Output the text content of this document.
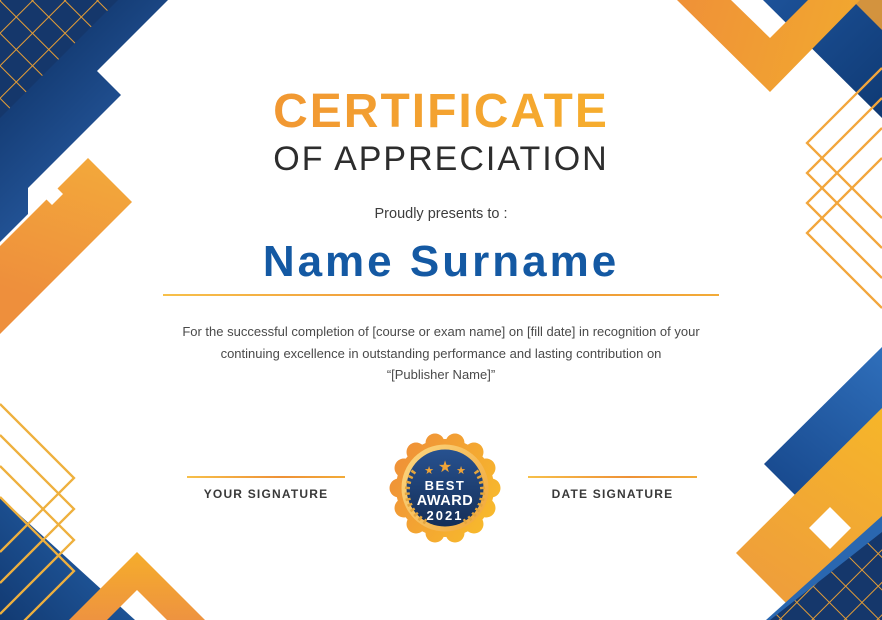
CERTIFICATE
OF APPRECIATION
Proudly presents to :
Name Surname
For the successful completion of [course or exam name] on [fill date] in recognition of your
continuing excellence in outstanding performance and lasting contribution on
“[Publisher Name]”
YOUR SIGNATURE	DATE SIGNATURE
★ ★ ★
BEST
AWARD
2021
